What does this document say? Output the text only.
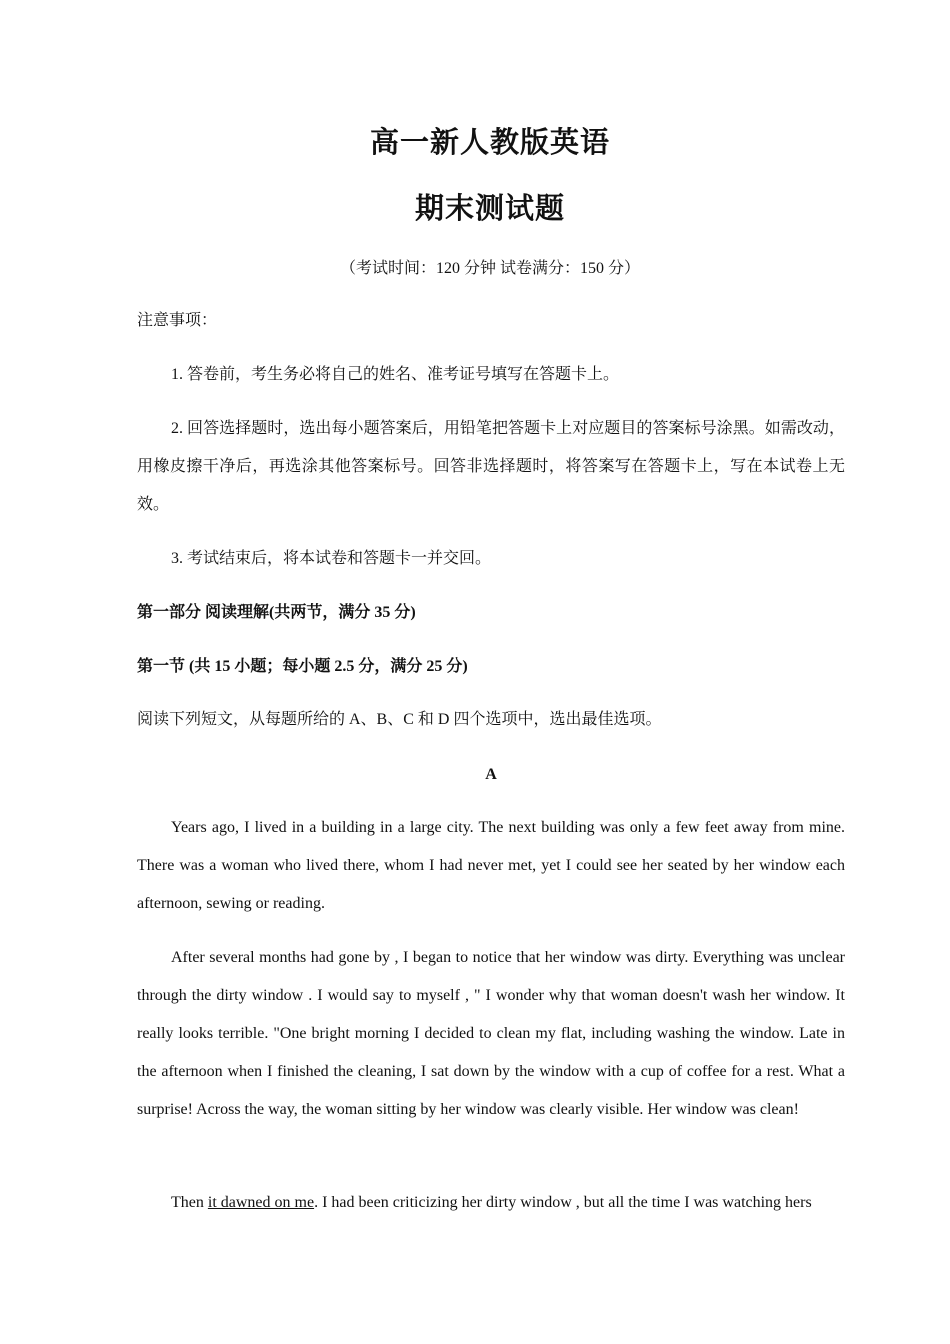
高一新人教版英语
期末测试题
（考试时间：120 分钟 试卷满分：150 分）
注意事项：
1. 答卷前，考生务必将自己的姓名、准考证号填写在答题卡上。
2. 回答选择题时，选出每小题答案后，用铅笔把答题卡上对应题目的答案标号涂黑。如需改动，用橡皮擦干净后，再选涂其他答案标号。回答非选择题时，将答案写在答题卡上，写在本试卷上无效。
3. 考试结束后，将本试卷和答题卡一并交回。
第一部分 阅读理解(共两节，满分 35 分)
第一节 (共 15 小题；每小题 2.5 分，满分 25 分)
阅读下列短文，从每题所给的 A、B、C 和 D 四个选项中，选出最佳选项。
A
Years ago, I lived in a building in a large city. The next building was only a few feet away from mine. There was a woman who lived there, whom I had never met, yet I could see her seated by her window each afternoon, sewing or reading.
After several months had gone by , I began to notice that her window was dirty. Everything was unclear through the dirty window . I would say to myself , " I wonder why that woman doesn't wash her window. It really looks terrible. "One bright morning I decided to clean my flat, including washing the window. Late in the afternoon when I finished the cleaning, I sat down by the window with a cup of coffee for a rest. What a surprise! Across the way, the woman sitting by her window was clearly visible. Her window was clean!
Then it dawned on me. I had been criticizing her dirty window , but all the time I was watching hers
